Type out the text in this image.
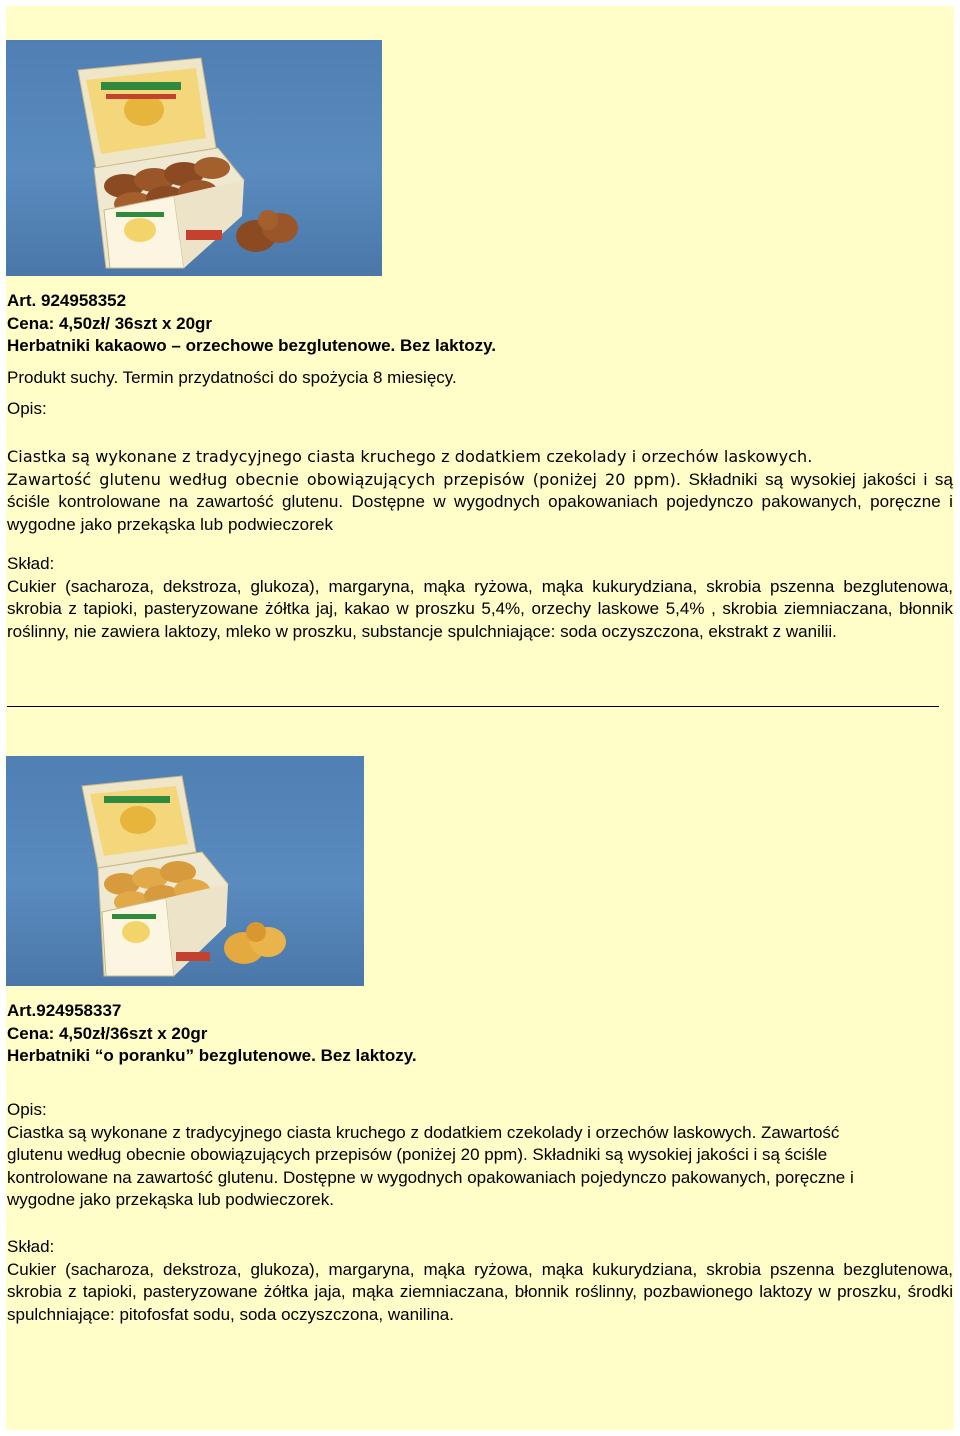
Art. 924958352

Cena: 4,50zł/ 36szt x 20gr

Herbatniki kakaowo – orzechowe bezglutenowe. Bez laktozy.

Produkt suchy. Termin przydatności do spożycia 8 miesięcy.

Opis:

Ciastka są wykonane z tradycyjnego ciasta kruchego z dodatkiem czekolady i orzechów laskowych.

Zawartość glutenu według obecnie obowiązujących przepisów (poniżej 20 ppm). Składniki są wysokiej jakości i są ściśle kontrolowane na zawartość glutenu. Dostępne w wygodnych opakowaniach pojedynczo pakowanych, poręczne i wygodne jako przekąska lub podwieczorek

Skład:

Cukier (sacharoza, dekstroza, glukoza), margaryna, mąka ryżowa, mąka kukurydziana, skrobia pszenna bezglutenowa, skrobia z tapioki, pasteryzowane żółtka jaj, kakao w proszku 5,4%, orzechy laskowe 5,4% , skrobia ziemniaczana, błonnik roślinny, nie zawiera laktozy, mleko w proszku, substancje spulchniające: soda oczyszczona, ekstrakt z wanilii.

Art.924958337

Cena: 4,50zł/36szt x 20gr

Herbatniki “o poranku” bezglutenowe. Bez laktozy.

Opis:

Ciastka są wykonane z tradycyjnego ciasta kruchego z dodatkiem czekolady i orzechów laskowych. Zawartość glutenu według obecnie obowiązujących przepisów (poniżej 20 ppm). Składniki są wysokiej jakości i są ściśle kontrolowane na zawartość glutenu. Dostępne w wygodnych opakowaniach pojedynczo pakowanych, poręczne i wygodne jako przekąska lub podwieczorek.

Skład:

Cukier (sacharoza, dekstroza, glukoza), margaryna, mąka ryżowa, mąka kukurydziana, skrobia pszenna bezglutenowa, skrobia z tapioki, pasteryzowane żółtka jaja, mąka ziemniaczana, błonnik roślinny, pozbawionego laktozy w proszku, środki spulchniające: pitofosfat sodu, soda oczyszczona, wanilina.
